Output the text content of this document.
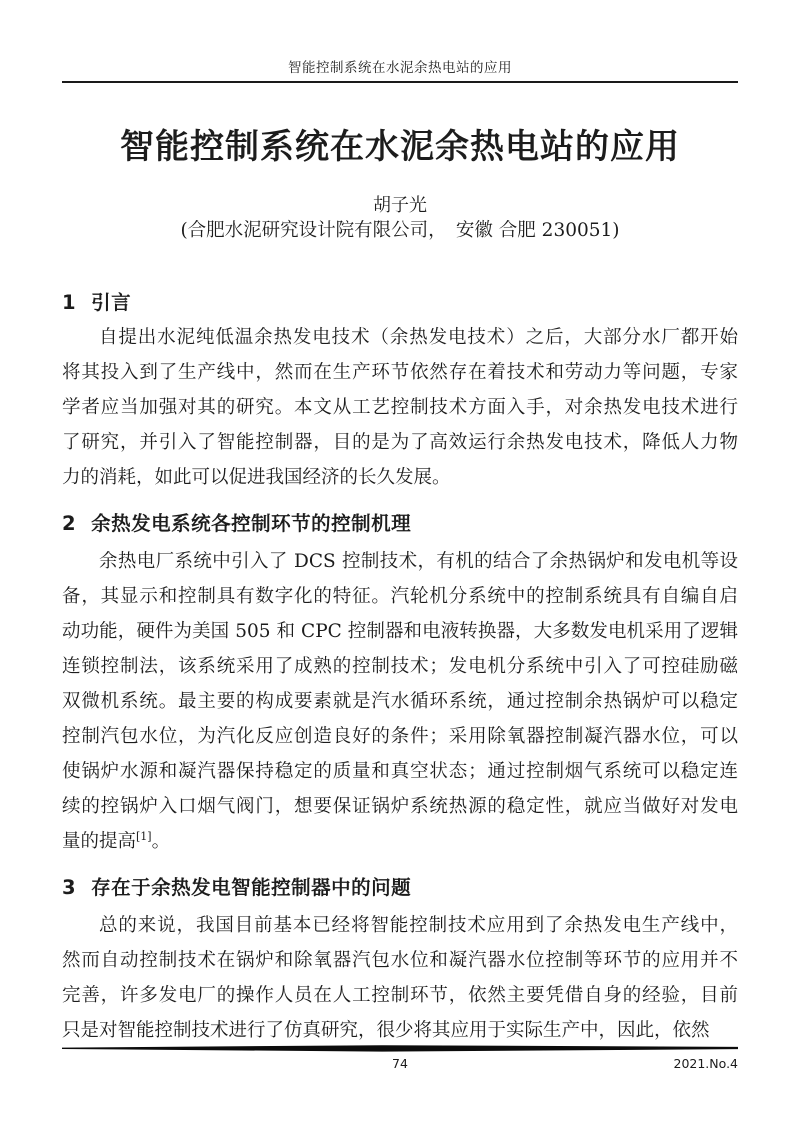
智能控制系统在水泥余热电站的应用
智能控制系统在水泥余热电站的应用
胡子光
(合肥水泥研究设计院有限公司，　安徽 合肥 230051)
1 引言
自提出水泥纯低温余热发电技术（余热发电技术）之后，大部分水厂都开始
将其投入到了生产线中，然而在生产环节依然存在着技术和劳动力等问题，专家
学者应当加强对其的研究。本文从工艺控制技术方面入手，对余热发电技术进行
了研究，并引入了智能控制器，目的是为了高效运行余热发电技术，降低人力物
力的消耗，如此可以促进我国经济的长久发展。
2 余热发电系统各控制环节的控制机理
余热电厂系统中引入了 DCS 控制技术，有机的结合了余热锅炉和发电机等设
备，其显示和控制具有数字化的特征。汽轮机分系统中的控制系统具有自编自启
动功能，硬件为美国 505 和 CPC 控制器和电液转换器，大多数发电机采用了逻辑
连锁控制法，该系统采用了成熟的控制技术；发电机分系统中引入了可控硅励磁
双微机系统。最主要的构成要素就是汽水循环系统，通过控制余热锅炉可以稳定
控制汽包水位，为汽化反应创造良好的条件；采用除氧器控制凝汽器水位，可以
使锅炉水源和凝汽器保持稳定的质量和真空状态；通过控制烟气系统可以稳定连
续的控锅炉入口烟气阀门，想要保证锅炉系统热源的稳定性，就应当做好对发电
量的提高[1]。
3 存在于余热发电智能控制器中的问题
总的来说，我国目前基本已经将智能控制技术应用到了余热发电生产线中，
然而自动控制技术在锅炉和除氧器汽包水位和凝汽器水位控制等环节的应用并不
完善，许多发电厂的操作人员在人工控制环节，依然主要凭借自身的经验，目前
只是对智能控制技术进行了仿真研究，很少将其应用于实际生产中，因此，依然
74	2021.No.4
